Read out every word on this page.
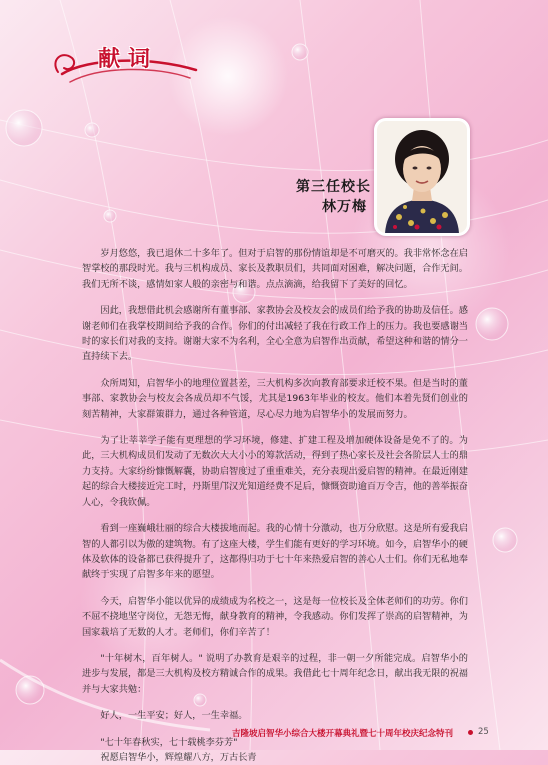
献词
第三任校长
林万梅

岁月悠悠，我已退休二十多年了。但对于启智的那份情谊却是不可磨灭的。我非常怀念在启智掌校的那段时光。我与三机构成员、家长及教职员们，共同面对困难，解决问题，合作无间。我们无所不谈，感情如家人般的亲密与和谐。点点滴滴，给我留下了美好的回忆。

因此，我想借此机会感谢所有董事部、家教协会及校友会的成员们给予我的协助及信任。感谢老师们在我掌校期间给予我的合作。你们的付出减轻了我在行政工作上的压力。我也要感谢当时的家长们对我的支持。谢谢大家不为名利，全心全意为启智作出贡献，希望这种和谐的情分一直持续下去。

众所周知，启智华小的地理位置甚差，三大机构多次向教育部要求迁校不果。但是当时的董事部、家教协会与校友会各成员却不气馁，尤其是1963年毕业的校友。他们本着先贤们创业的刻苦精神，大家群策群力，通过各种管道，尽心尽力地为启智华小的发展而努力。

为了让莘莘学子能有更理想的学习环境，修建、扩建工程及增加硬体设备是免不了的。为此，三大机构成员们发动了无数次大大小小的筹款活动，得到了热心家长及社会各阶层人士的鼎力支持。大家纷纷慷慨解囊，协助启智度过了重重难关，充分表现出爱启智的精神。在最近刚建起的综合大楼接近完工时，丹斯里邝汉光知道经费不足后，慷慨资助逾百万令吉，他的善举振奋人心，令我钦佩。

看到一座巍峨壮丽的综合大楼拔地而起。我的心情十分激动，也万分欣慰。这是所有爱我启智的人都引以为傲的建筑物。有了这座大楼，学生们能有更好的学习环境。如今，启智华小的硬体及软体的设备都已获得提升了，这都得归功于七十年来热爱启智的善心人士们。你们无私地奉献终于实现了启智多年来的愿望。

今天，启智华小能以优异的成绩成为名校之一，这是每一位校长及全体老师们的功劳。你们不屈不挠地坚守岗位，无怨无悔，献身教育的精神，令我感动。你们发挥了崇高的启智精神，为国家栽培了无数的人才。老师们，你们辛苦了！

"十年树木，百年树人。" 说明了办教育是艰辛的过程，非一朝一夕所能完成。启智华小的进步与发展，都是三大机构及校方精诚合作的成果。我借此七十周年纪念日，献出我无限的祝福并与大家共勉：

好人，一生平安；好人，一生幸福。

"七十年春秋实，七十载桃李芬芳"

祝愿启智华小，辉煌耀八方，万古长青

吉隆坡启智华小综合大楼开幕典礼暨七十周年校庆纪念特刊	25
